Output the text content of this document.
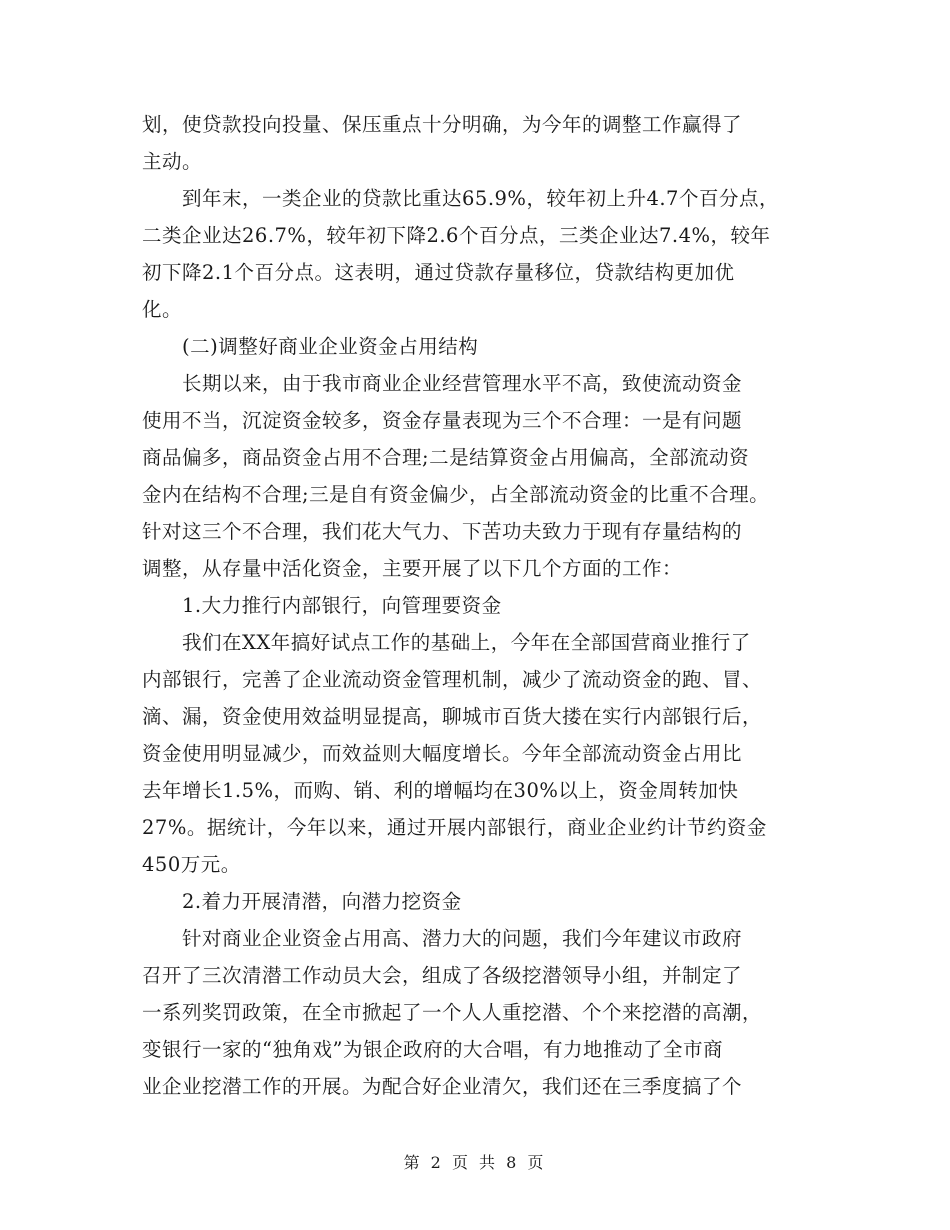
划，使贷款投向投量、保压重点十分明确，为今年的调整工作赢得了
主动。
到年末，一类企业的贷款比重达65.9%，较年初上升4.7个百分点，
二类企业达26.7%，较年初下降2.6个百分点，三类企业达7.4%，较年
初下降2.1个百分点。这表明，通过贷款存量移位，贷款结构更加优
化。
(二)调整好商业企业资金占用结构
长期以来，由于我市商业企业经营管理水平不高，致使流动资金
使用不当，沉淀资金较多，资金存量表现为三个不合理：一是有问题
商品偏多，商品资金占用不合理;二是结算资金占用偏高，全部流动资
金内在结构不合理;三是自有资金偏少，占全部流动资金的比重不合理。
针对这三个不合理，我们花大气力、下苦功夫致力于现有存量结构的
调整，从存量中活化资金，主要开展了以下几个方面的工作：
1.大力推行内部银行，向管理要资金
我们在XX年搞好试点工作的基础上，今年在全部国营商业推行了
内部银行，完善了企业流动资金管理机制，减少了流动资金的跑、冒、
滴、漏，资金使用效益明显提高，聊城市百货大搂在实行内部银行后，
资金使用明显减少，而效益则大幅度增长。今年全部流动资金占用比
去年增长1.5%，而购、销、利的增幅均在30%以上，资金周转加快
27%。据统计，今年以来，通过开展内部银行，商业企业约计节约资金
450万元。
2.着力开展清潜，向潜力挖资金
针对商业企业资金占用高、潜力大的问题，我们今年建议市政府
召开了三次清潜工作动员大会，组成了各级挖潜领导小组，并制定了
一系列奖罚政策，在全市掀起了一个人人重挖潜、个个来挖潜的高潮，
变银行一家的“独角戏”为银企政府的大合唱，有力地推动了全市商
业企业挖潜工作的开展。为配合好企业清欠，我们还在三季度搞了个
第 2 页 共 8 页
